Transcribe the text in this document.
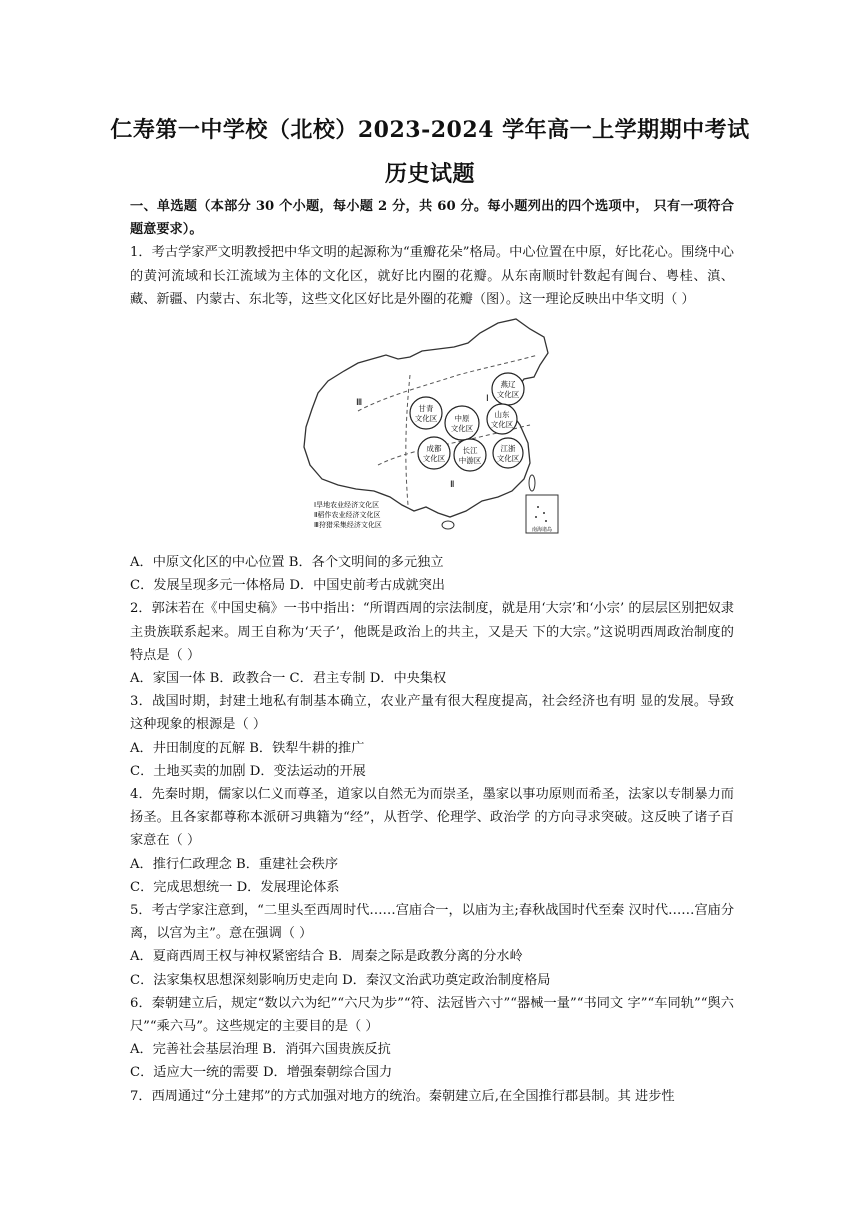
仁寿第一中学校（北校）2023-2024 学年高一上学期期中考试
历史试题

一、单选题（本部分 30 个小题，每小题 2 分，共 60 分。每小题列出的四个选项中， 只有一项符合题意要求）。

1．考古学家严文明教授把中华文明的起源称为“重瓣花朵”格局。中心位置在中原，好比花心。围绕中心的黄河流域和长江流域为主体的文化区，就好比内圈的花瓣。从东南顺时针数起有闽台、粤桂、滇、藏、新疆、内蒙古、东北等，这些文化区好比是外圈的花瓣（图）。这一理论反映出中华文明（ ）

甘青
文化区 中原
文化区
燕辽
文化区
山东
文化区
成都
文化区
长江
中游区
江浙
文化区
Ⅲ	Ⅰ
Ⅱ
Ⅰ旱地农业经济文化区
Ⅱ稻作农业经济文化区
Ⅲ狩猎采集经济文化区
南海诸岛

A．中原文化区的中心位置 B．各个文明间的多元独立

C．发展呈现多元一体格局 D．中国史前考古成就突出

2．郭沫若在《中国史稿》一书中指出：“所谓西周的宗法制度，就是用‘大宗’和‘小宗’ 的层层区别把奴隶主贵族联系起来。周王自称为‘天子’，他既是政治上的共主，又是天 下的大宗。”这说明西周政治制度的特点是（ ）

A．家国一体 B．政教合一 C．君主专制 D．中央集权

3．战国时期，封建土地私有制基本确立，农业产量有很大程度提高，社会经济也有明 显的发展。导致这种现象的根源是（ ）

A．井田制度的瓦解 B．铁犁牛耕的推广

C．土地买卖的加剧 D．变法运动的开展

4．先秦时期，儒家以仁义而尊圣，道家以自然无为而崇圣，墨家以事功原则而希圣，法家以专制暴力而扬圣。且各家都尊称本派研习典籍为“经”，从哲学、伦理学、政治学 的方向寻求突破。这反映了诸子百家意在（ ）

A．推行仁政理念 B．重建社会秩序

C．完成思想统一 D．发展理论体系

5．考古学家注意到，“二里头至西周时代……宫庙合一，以庙为主;春秋战国时代至秦 汉时代……宫庙分离，以宫为主”。意在强调（ ）

A．夏商西周王权与神权紧密结合 B．周秦之际是政教分离的分水岭

C．法家集权思想深刻影响历史走向 D．秦汉文治武功奠定政治制度格局

6．秦朝建立后，规定“数以六为纪”“六尺为步”“符、法冠皆六寸”“器械一量”“书同文 字”“车同轨”“舆六尺”“乘六马”。这些规定的主要目的是（ ）

A．完善社会基层治理 B．消弭六国贵族反抗

C．适应大一统的需要 D．增强秦朝综合国力

7．西周通过“分土建邦”的方式加强对地方的统治。秦朝建立后,在全国推行郡县制。其 进步性
